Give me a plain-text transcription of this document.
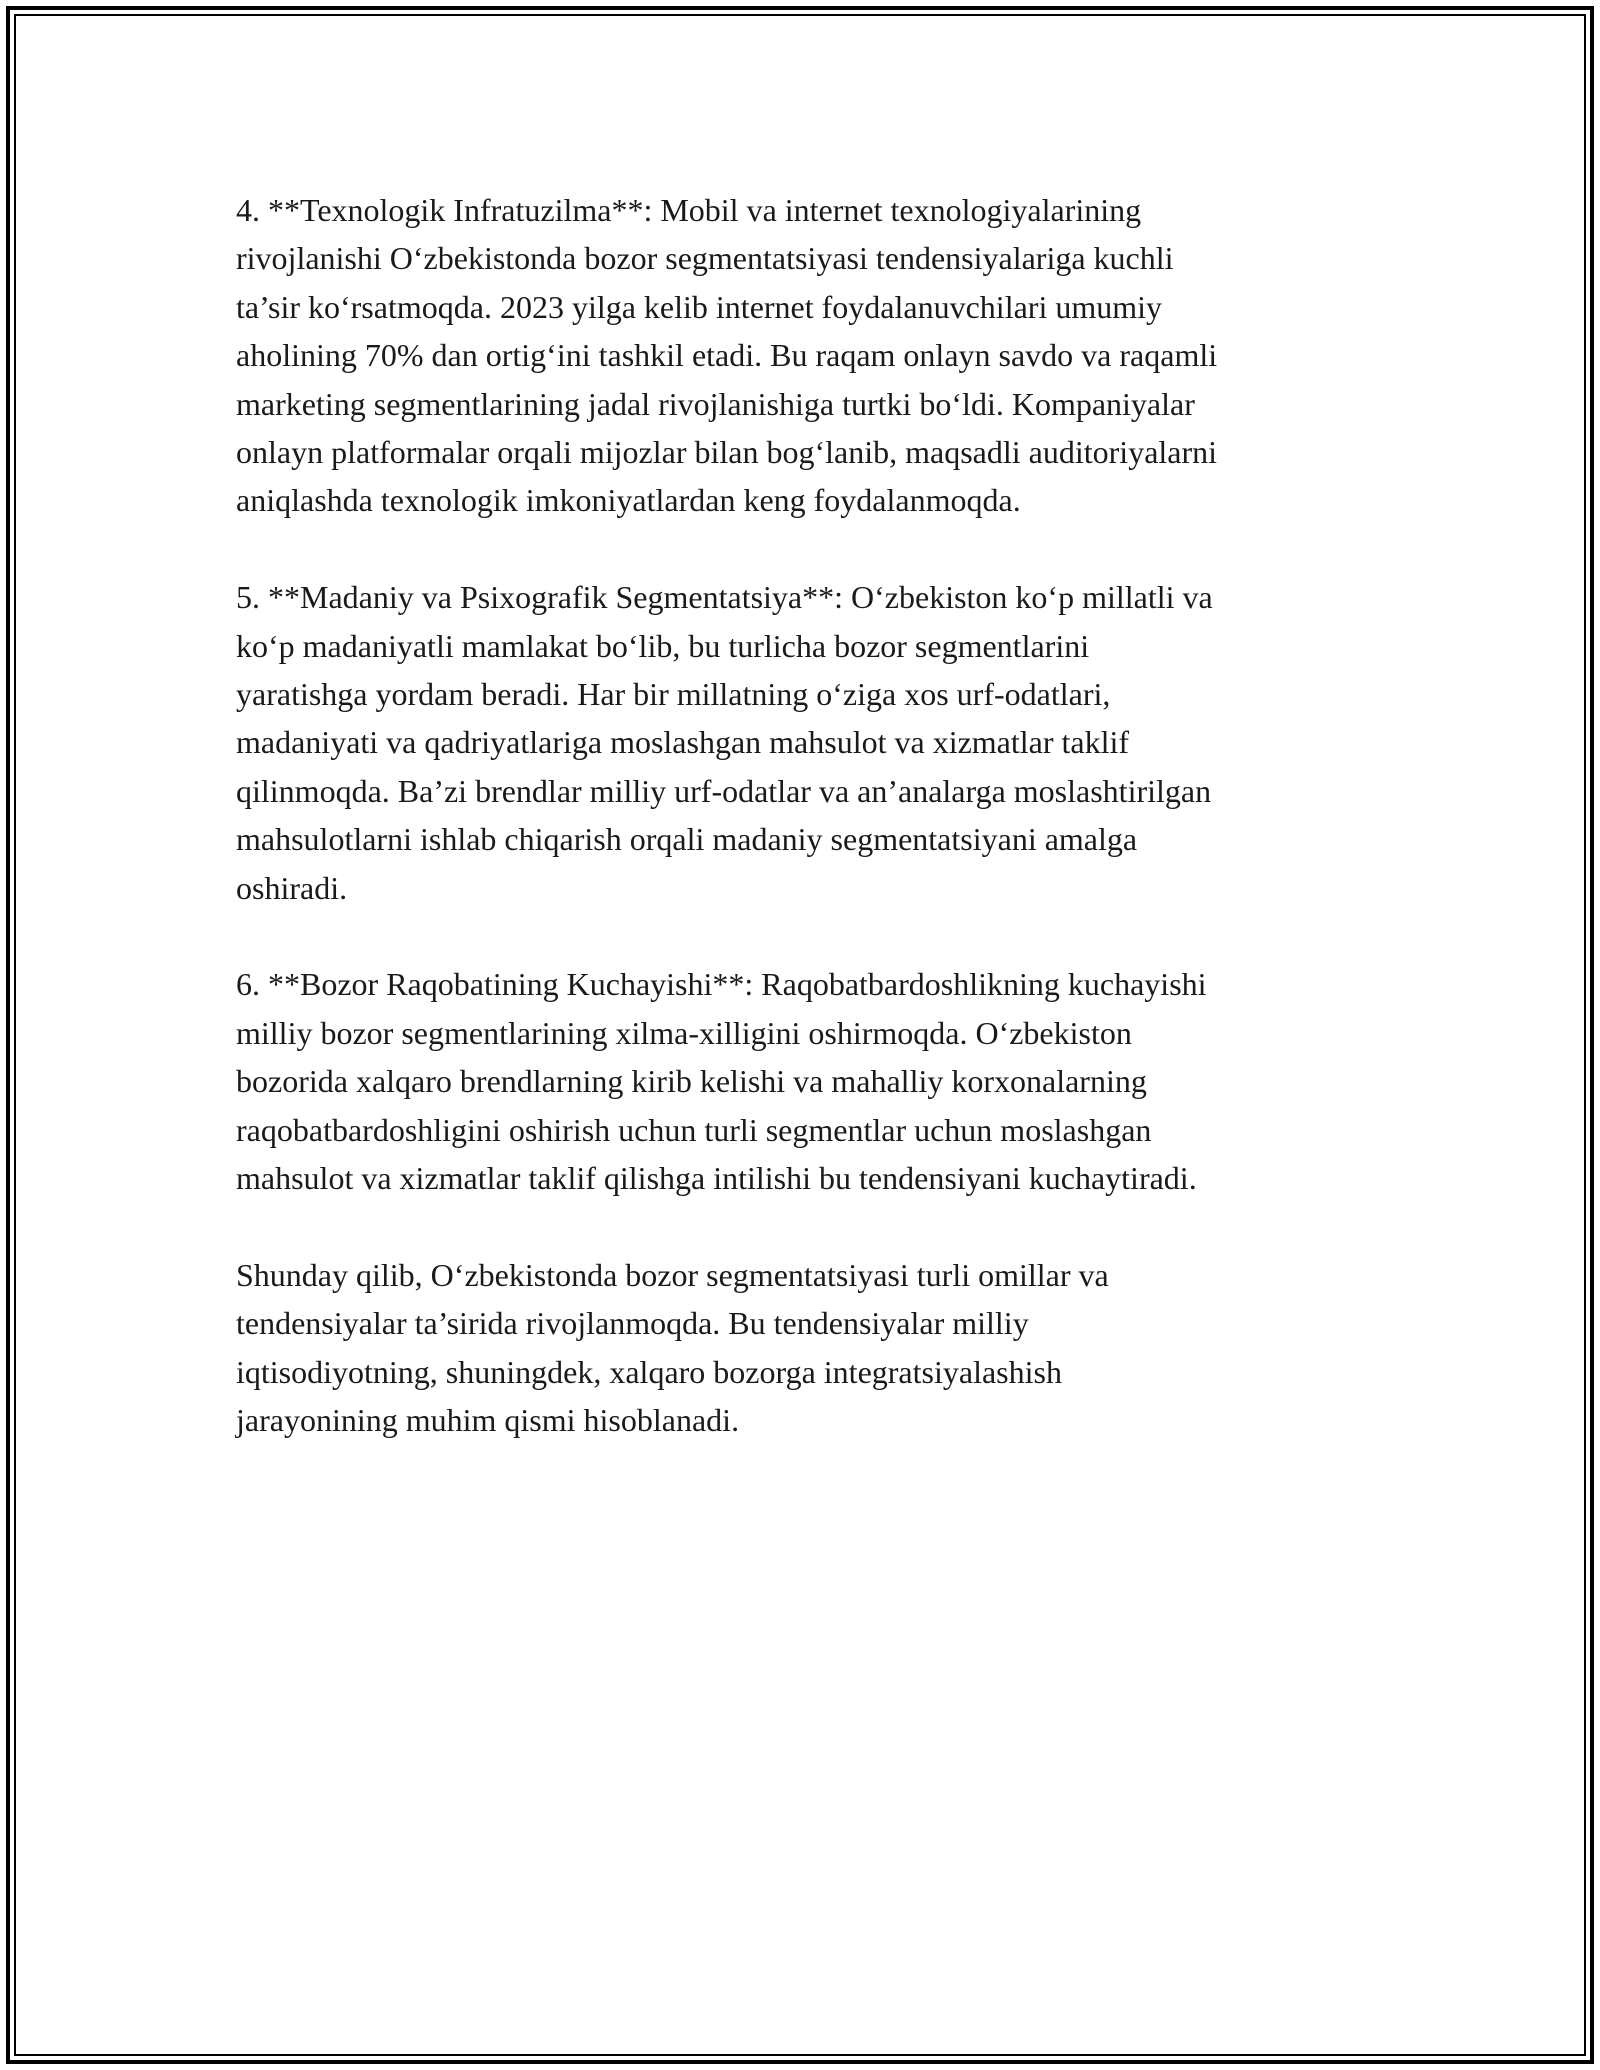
4. **Texnologik Infratuzilma**: Mobil va internet texnologiyalarining
rivojlanishi O‘zbekistonda bozor segmentatsiyasi tendensiyalariga kuchli
ta’sir ko‘rsatmoqda. 2023 yilga kelib internet foydalanuvchilari umumiy
aholining 70% dan ortig‘ini tashkil etadi. Bu raqam onlayn savdo va raqamli
marketing segmentlarining jadal rivojlanishiga turtki bo‘ldi. Kompaniyalar
onlayn platformalar orqali mijozlar bilan bog‘lanib, maqsadli auditoriyalarni
aniqlashda texnologik imkoniyatlardan keng foydalanmoqda.

5. **Madaniy va Psixografik Segmentatsiya**: O‘zbekiston ko‘p millatli va
ko‘p madaniyatli mamlakat bo‘lib, bu turlicha bozor segmentlarini
yaratishga yordam beradi. Har bir millatning o‘ziga xos urf-odatlari,
madaniyati va qadriyatlariga moslashgan mahsulot va xizmatlar taklif
qilinmoqda. Ba’zi brendlar milliy urf-odatlar va an’analarga moslashtirilgan
mahsulotlarni ishlab chiqarish orqali madaniy segmentatsiyani amalga
oshiradi.

6. **Bozor Raqobatining Kuchayishi**: Raqobatbardoshlikning kuchayishi
milliy bozor segmentlarining xilma-xilligini oshirmoqda. O‘zbekiston
bozorida xalqaro brendlarning kirib kelishi va mahalliy korxonalarning
raqobatbardoshligini oshirish uchun turli segmentlar uchun moslashgan
mahsulot va xizmatlar taklif qilishga intilishi bu tendensiyani kuchaytiradi.

Shunday qilib, O‘zbekistonda bozor segmentatsiyasi turli omillar va
tendensiyalar ta’sirida rivojlanmoqda. Bu tendensiyalar milliy
iqtisodiyotning, shuningdek, xalqaro bozorga integratsiyalashish
jarayonining muhim qismi hisoblanadi.
